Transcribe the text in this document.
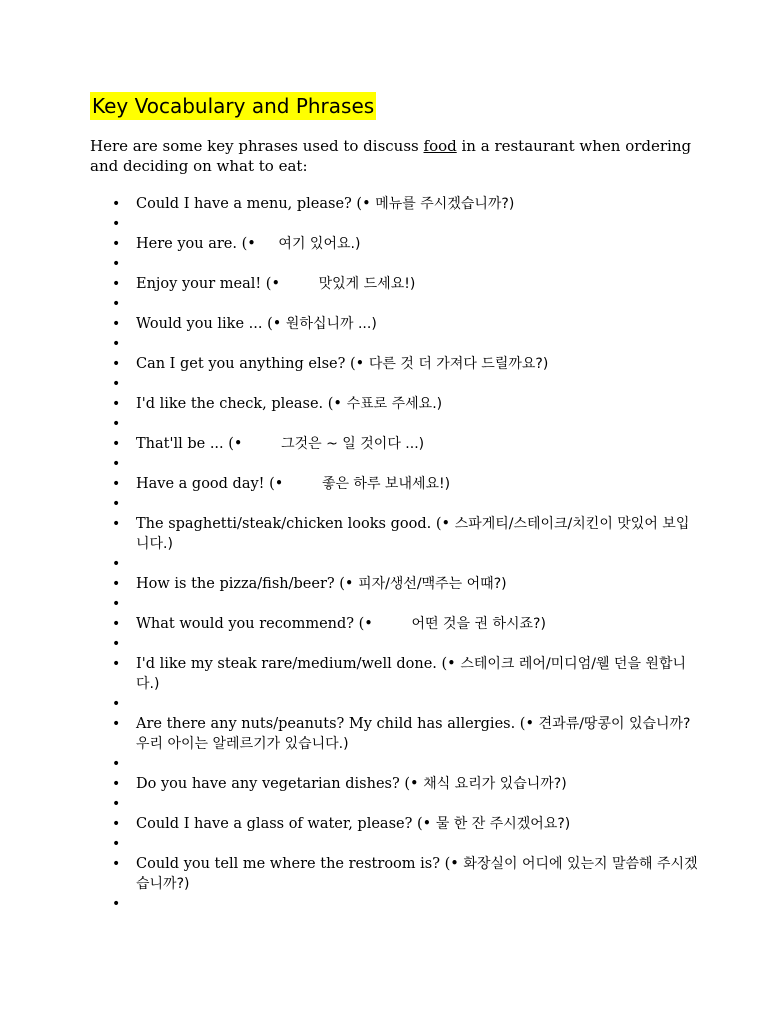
Key Vocabulary and Phrases

Here are some key phrases used to discuss food in a restaurant when ordering and deciding on what to eat:

• Could I have a menu, please? (• 메뉴를 주시겠습니까?)
•
• Here you are. (• 여기 있어요.)
•
• Enjoy your meal! (• 맛있게 드세요!)
•
• Would you like ... (• 원하십니까 ...)
•
• Can I get you anything else? (• 다른 것 더 가져다 드릴까요?)
•
• I'd like the check, please. (• 수표로 주세요.)
•
• That'll be ... (• 그것은 ~ 일 것이다 ...)
•
• Have a good day! (• 좋은 하루 보내세요!)
•
• The spaghetti/steak/chicken looks good. (• 스파게티/스테이크/치킨이 맛있어 보입니다.)
•
• How is the pizza/fish/beer? (• 피자/생선/맥주는 어때?)
•
• What would you recommend? (• 어떤 것을 권 하시죠?)
•
• I'd like my steak rare/medium/well done. (• 스테이크 레어/미디엄/웰 던을 원합니다.)
•
• Are there any nuts/peanuts? My child has allergies. (• 견과류/땅콩이 있습니까? 우리 아이는 알레르기가 있습니다.)
•
• Do you have any vegetarian dishes? (• 채식 요리가 있습니까?)
•
• Could I have a glass of water, please? (• 물 한 잔 주시겠어요?)
•
• Could you tell me where the restroom is? (• 화장실이 어디에 있는지 말씀해 주시겠습니까?)
•
